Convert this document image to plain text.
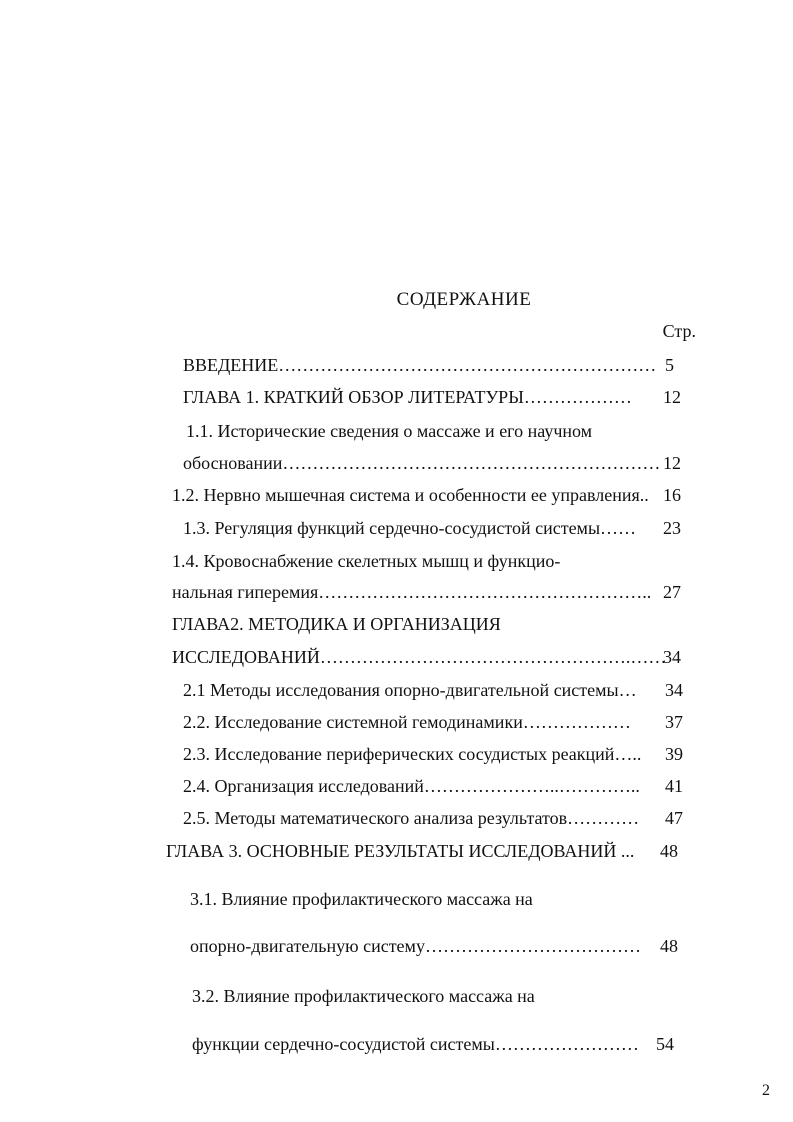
СОДЕРЖАНИЕ
Стр.
ВВЕДЕНИЕ……………………………………………………… 5
ГЛАВА 1. КРАТКИЙ ОБЗОР ЛИТЕРАТУРЫ……………… 12
1.1. Исторические сведения о массаже и его научном
обосновании……………………………………………………… 12
1.2. Нервно мышечная система и особенности ее управления.. 16
1.3. Регуляция функций сердечно-сосудистой системы…… 23
1.4. Кровоснабжение скелетных мышц и функцио-
нальная гиперемия……………………………………………….. 27
ГЛАВА2. МЕТОДИКА И ОРГАНИЗАЦИЯ
ИССЛЕДОВАНИЙ…………………………………………….……
34
2.1 Методы исследования опорно-двигательной системы… 34
2.2. Исследование системной гемодинамики……………… 37
2.3. Исследование периферических сосудистых реакций….. 39
2.4. Организация исследований…………………..………….. 41
2.5. Методы математического анализа результатов………… 47
ГЛАВА 3. ОСНОВНЫЕ РЕЗУЛЬТАТЫ ИССЛЕДОВАНИЙ ... 48
3.1. Влияние профилактического массажа на
опорно-двигательную систему……………………………… 48
3.2. Влияние профилактического массажа на
функции сердечно-сосудистой системы…………………… 54
2
